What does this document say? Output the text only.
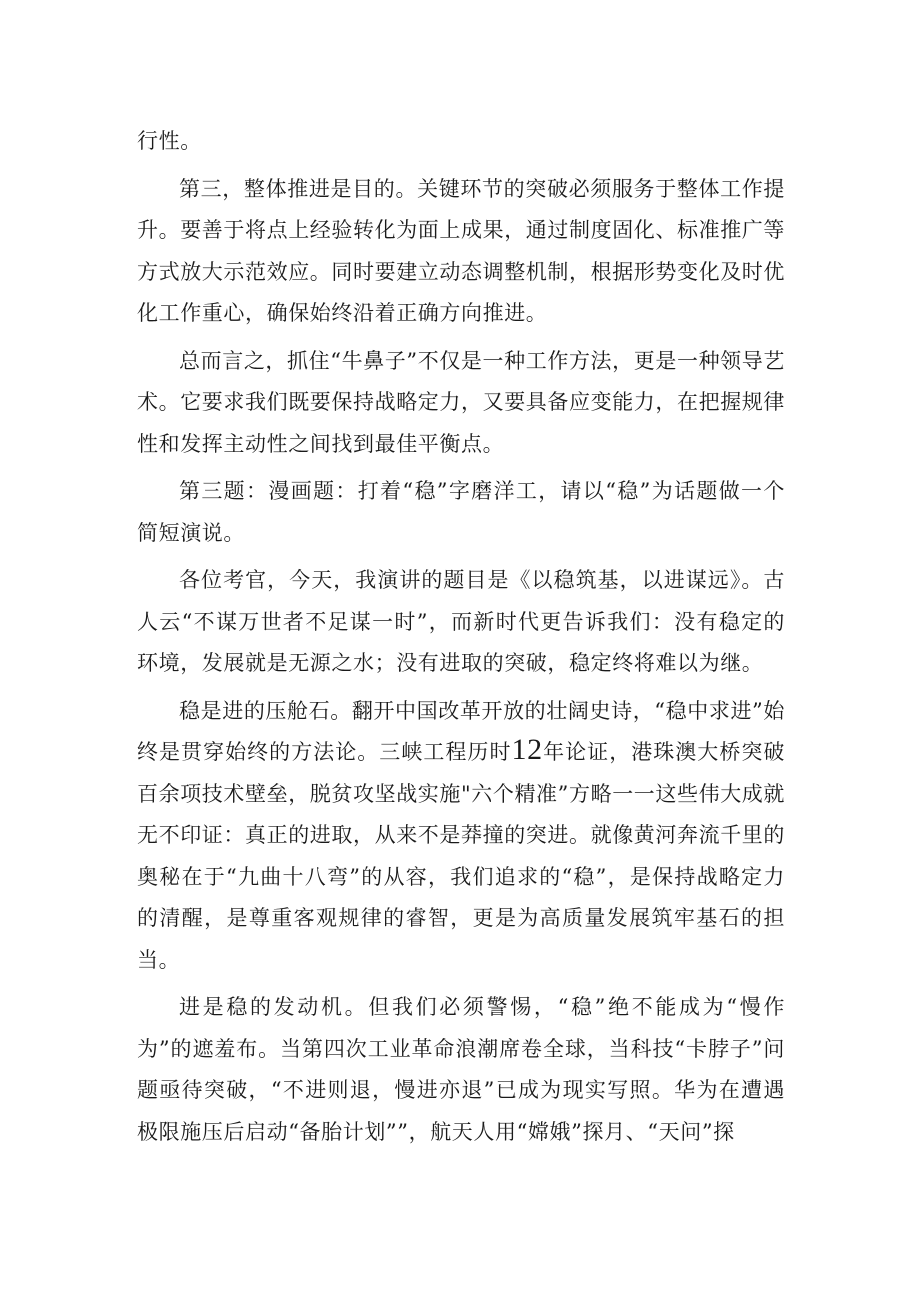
行性。

第三，整体推进是目的。关键环节的突破必须服务于整体工作提升。要善于将点上经验转化为面上成果，通过制度固化、标准推广等方式放大示范效应。同时要建立动态调整机制，根据形势变化及时优化工作重心，确保始终沿着正确方向推进。

总而言之，抓住“牛鼻子”不仅是一种工作方法，更是一种领导艺术。它要求我们既要保持战略定力，又要具备应变能力，在把握规律性和发挥主动性之间找到最佳平衡点。

第三题：漫画题：打着“稳”字磨洋工，请以“稳”为话题做一个简短演说。

各位考官，今天，我演讲的题目是《以稳筑基，以进谋远》。古人云“不谋万世者不足谋一时”，而新时代更告诉我们：没有稳定的环境，发展就是无源之水；没有进取的突破，稳定终将难以为继。

稳是进的压舱石。翻开中国改革开放的壮阔史诗，“稳中求进”始终是贯穿始终的方法论。三峡工程历时12年论证，港珠澳大桥突破百余项技术壁垒，脱贫攻坚战实施"六个精准”方略一一这些伟大成就无不印证：真正的进取，从来不是莽撞的突进。就像黄河奔流千里的奥秘在于“九曲十八弯”的从容，我们追求的“稳”，是保持战略定力的清醒，是尊重客观规律的睿智，更是为高质量发展筑牢基石的担当。

进是稳的发动机。但我们必须警惕，“稳”绝不能成为“慢作为”的遮羞布。当第四次工业革命浪潮席卷全球，当科技“卡脖子”问题亟待突破，“不进则退，慢进亦退”已成为现实写照。华为在遭遇极限施压后启动“备胎计划””，航天人用“嫦娥”探月、“天问”探
